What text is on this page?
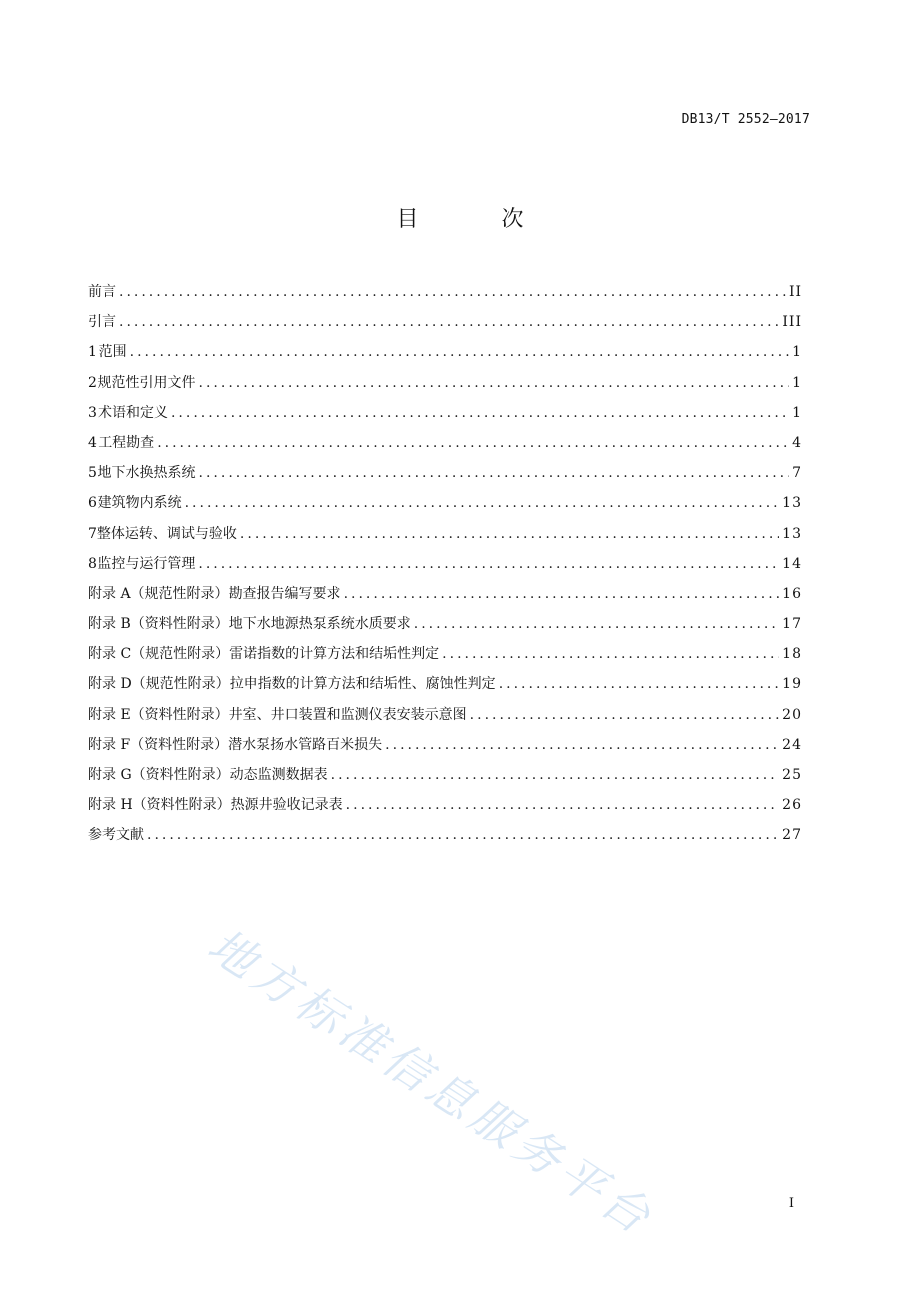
DB13/T 2552—2017
目 次
前言 .....	II
引言 .....	III
1 范围 .....	1
2 规范性引用文件 .....	1
3 术语和定义 .....	1
4 工程勘查 .....	4
5 地下水换热系统 .....	7
6 建筑物内系统 .....	13
7 整体运转、调试与验收 .....	13
8 监控与运行管理 .....	14
附录 A（规范性附录） 勘查报告编写要求 .....	16
附录 B（资料性附录） 地下水地源热泵系统水质要求 .....	17
附录 C（规范性附录） 雷诺指数的计算方法和结垢性判定 .....	18
附录 D（规范性附录） 拉申指数的计算方法和结垢性、腐蚀性判定 .....	19
附录 E（资料性附录） 井室、井口装置和监测仪表安装示意图 .....	20
附录 F（资料性附录） 潜水泵扬水管路百米损失 .....	24
附录 G（资料性附录） 动态监测数据表 .....	25
附录 H（资料性附录） 热源井验收记录表 .....	26
参考文献 .....	27
地方标准信息服务平台	I
